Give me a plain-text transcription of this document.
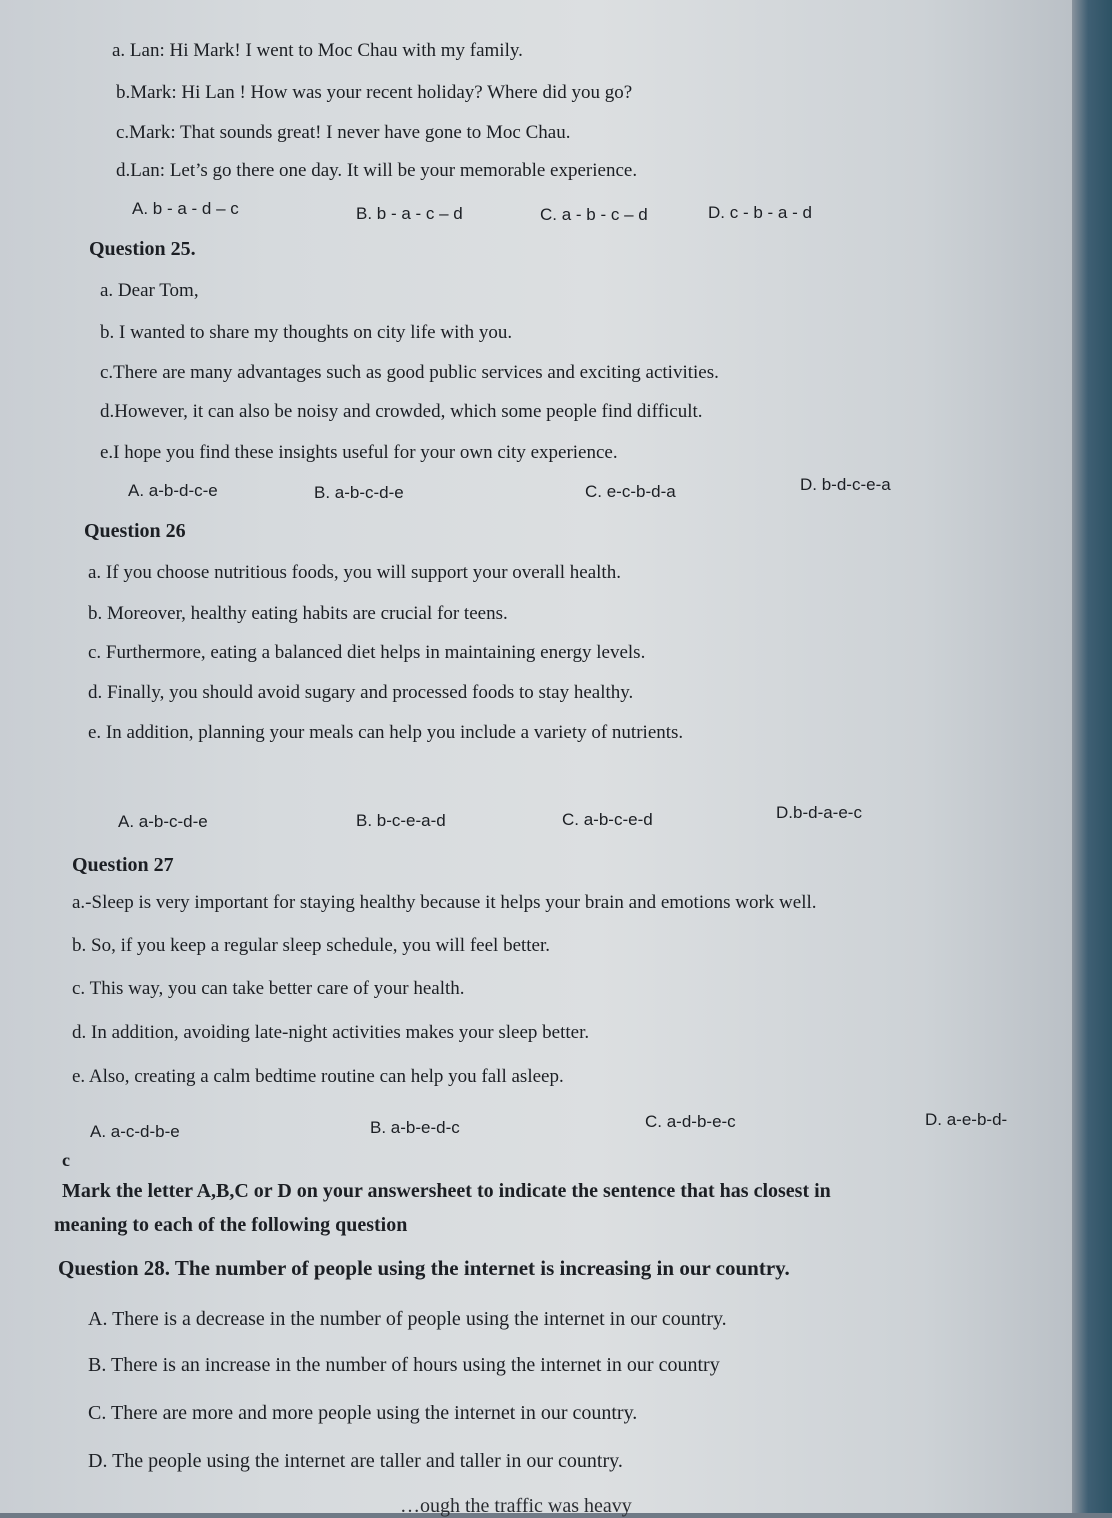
a. Lan: Hi Mark! I went to Moc Chau with my family.
b.Mark: Hi Lan ! How was your recent holiday? Where did you go?
c.Mark: That sounds great! I never have gone to Moc Chau.
d.Lan: Let’s go there one day. It will be your memorable experience.
A. b - a - d – c	B. b - a - c – d	C. a - b - c – d	D. c - b - a - d
Question 25.
a. Dear Tom,
b. I wanted to share my thoughts on city life with you.
c.There are many advantages such as good public services and exciting activities.
d.However, it can also be noisy and crowded, which some people find difficult.
e.I hope you find these insights useful for your own city experience.
A. a-b-d-c-e	B. a-b-c-d-e	C. e-c-b-d-a	D. b-d-c-e-a
Question 26
a. If you choose nutritious foods, you will support your overall health.
b. Moreover, healthy eating habits are crucial for teens.
c. Furthermore, eating a balanced diet helps in maintaining energy levels.
d. Finally, you should avoid sugary and processed foods to stay healthy.
e. In addition, planning your meals can help you include a variety of nutrients.
A. a-b-c-d-e	B. b-c-e-a-d	C. a-b-c-e-d	D.b-d-a-e-c
Question 27
a.-Sleep is very important for staying healthy because it helps your brain and emotions work well.
b. So, if you keep a regular sleep schedule, you will feel better.
c. This way, you can take better care of your health.
d. In addition, avoiding late-night activities makes your sleep better.
e. Also, creating a calm bedtime routine can help you fall asleep.
A. a-c-d-b-e	B. a-b-e-d-c	C. a-d-b-e-c	D. a-e-b-d-
c
Mark the letter A,B,C or D on your answersheet to indicate the sentence that has closest in
meaning to each of the following question
Question 28. The number of people using the internet is increasing in our country.
A. There is a decrease in the number of people using the internet in our country.
B. There is an increase in the number of hours using the internet in our country
C. There are more and more people using the internet in our country.
D. The people using the internet are taller and taller in our country.
…ough the traffic was heavy
